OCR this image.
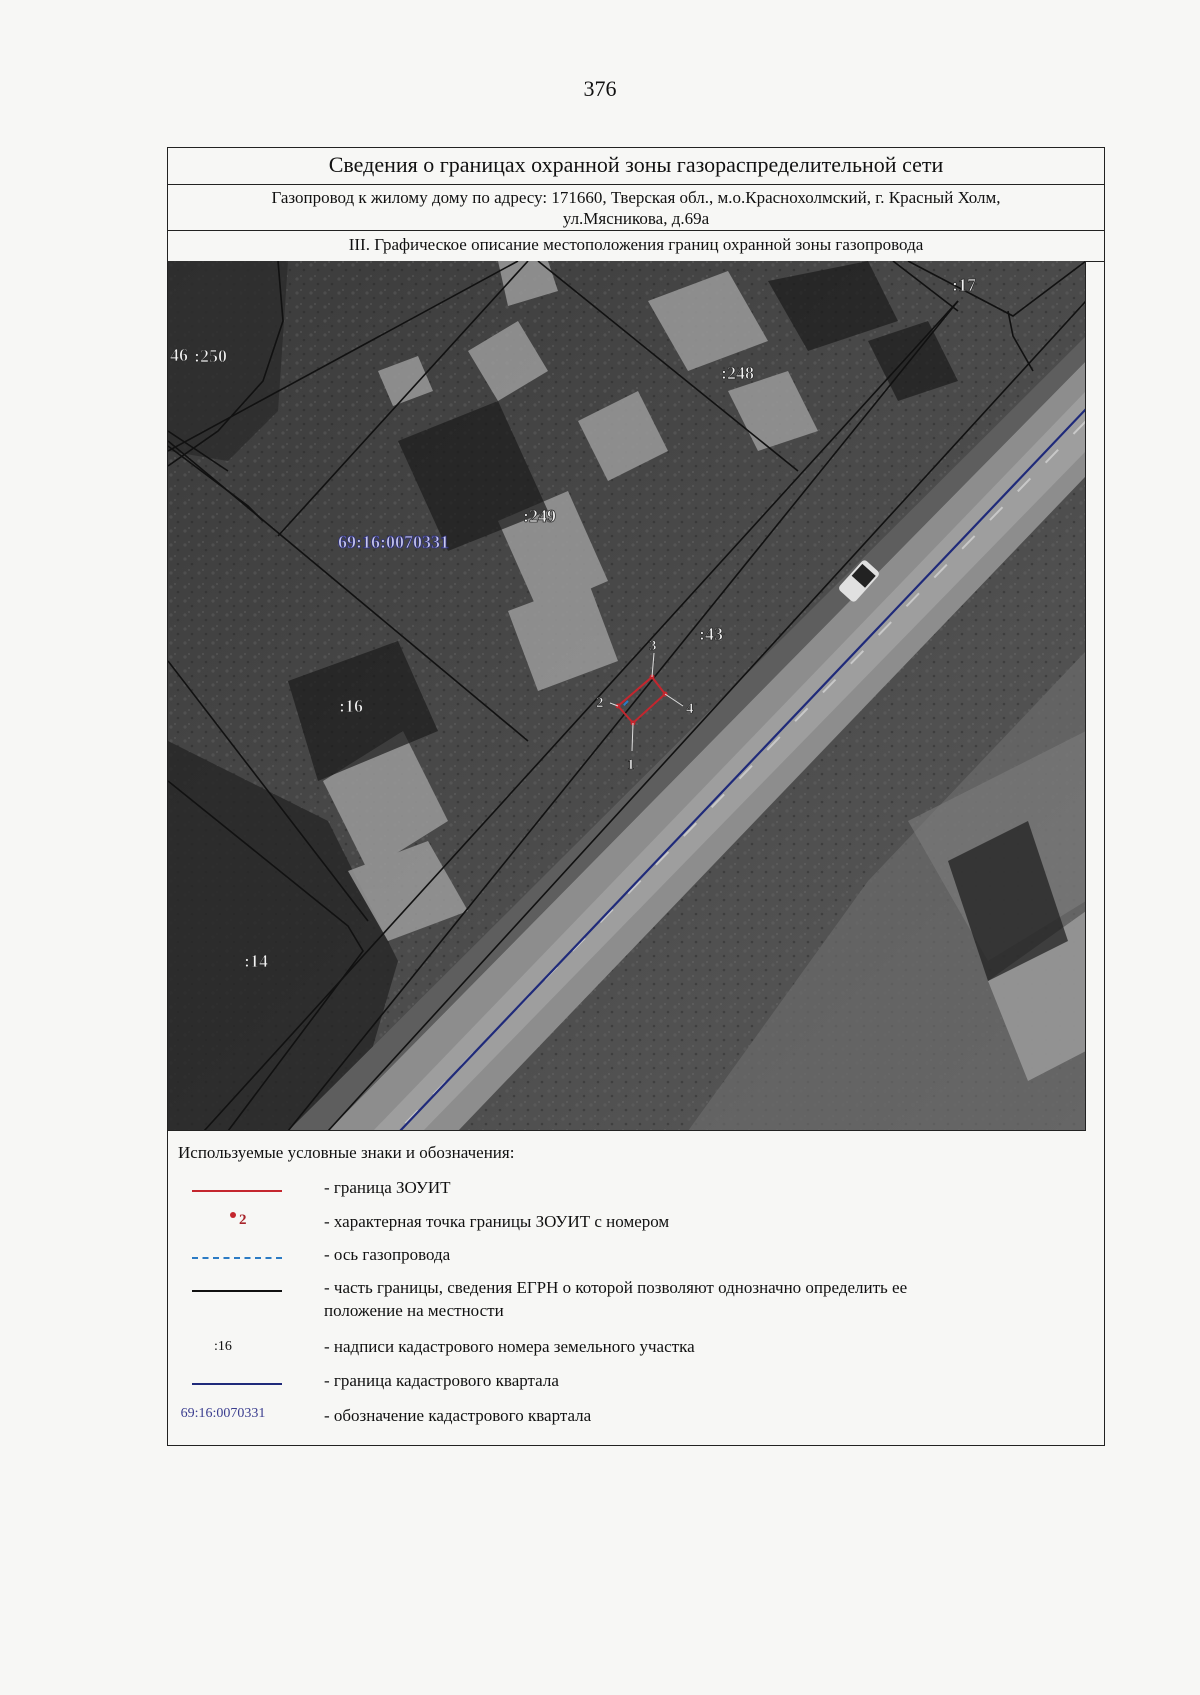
376
Сведения о границах охранной зоны газораспределительной сети
Газопровод к жилому дому по адресу: 171660, Тверская обл., м.о.Краснохолмский, г. Красный Холм,
ул.Мясникова, д.69а
III. Графическое описание местоположения границ охранной зоны газопровода
1
2
3
4
:17
46 :250
:248
:249
:43
:16
:14
69:16:0070331
Используемые условные знаки и обозначения:
- граница ЗОУИТ
2	- характерная точка границы ЗОУИТ с номером
- ось газопровода
- часть границы, сведения ЕГРН о которой позволяют однозначно определить ее
положение на местности
:16	- надписи кадастрового номера земельного участка
- граница кадастрового квартала
69:16:0070331	- обозначение кадастрового квартала
